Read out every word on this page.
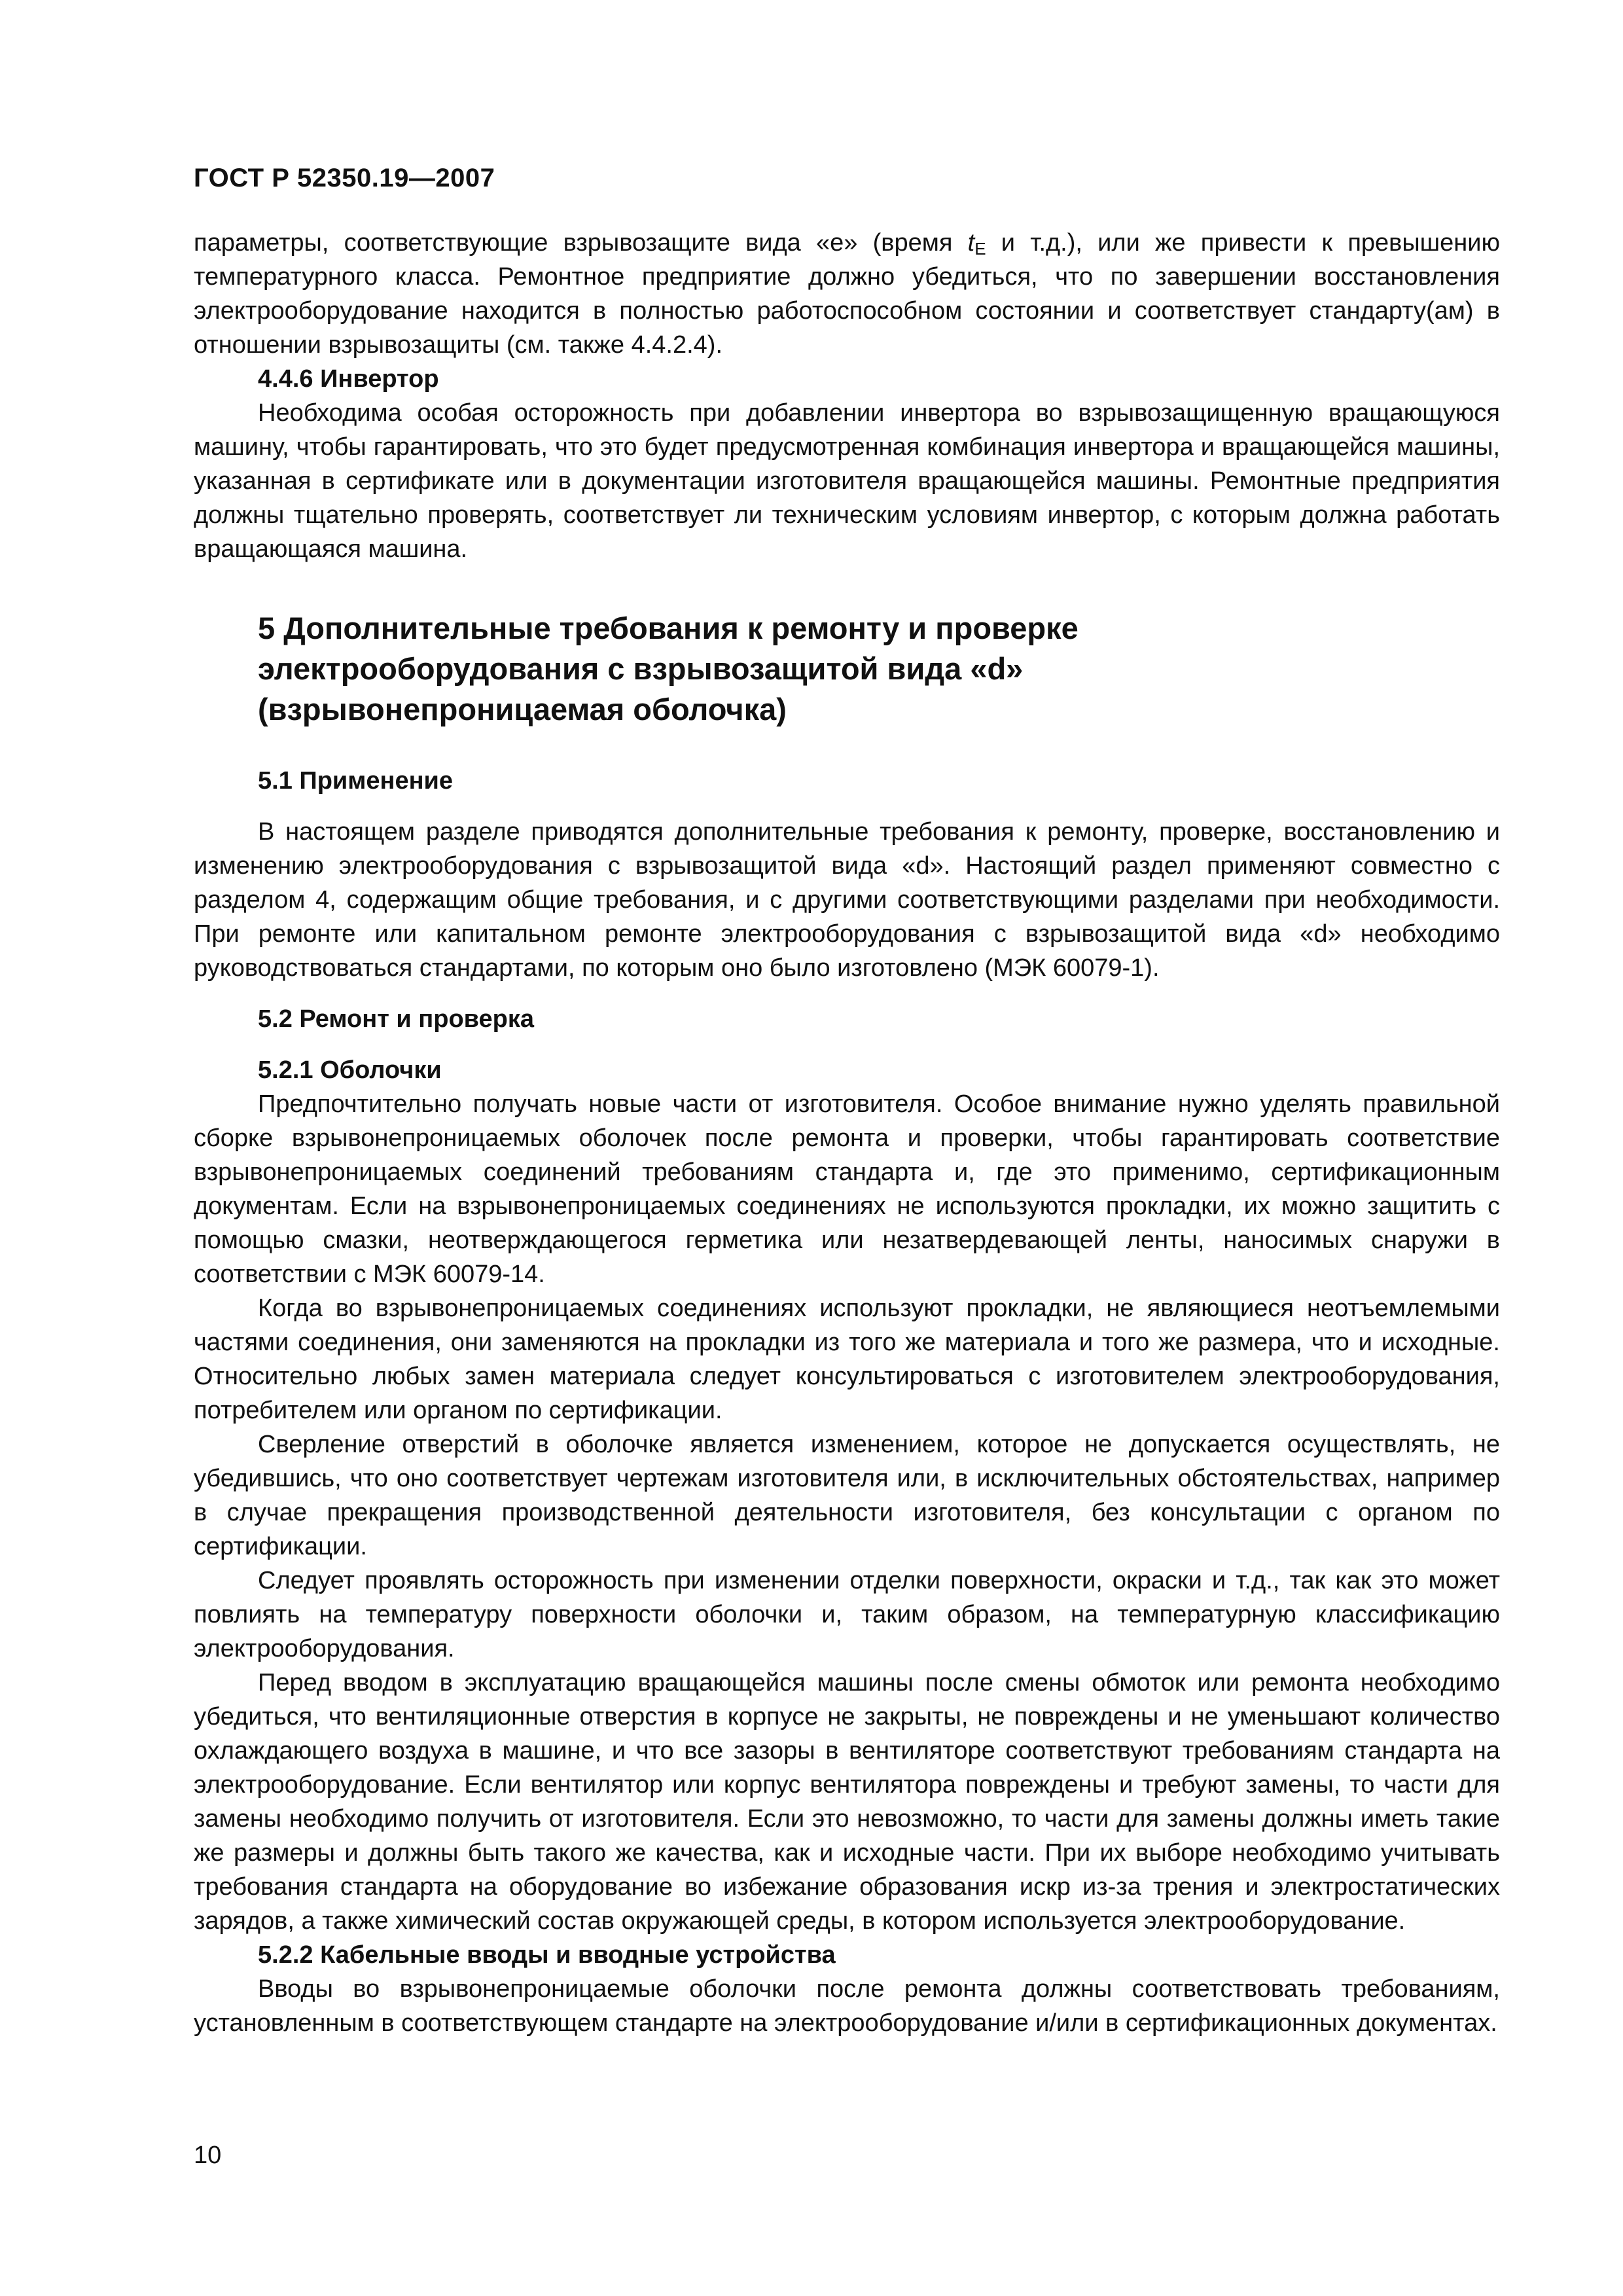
ГОСТ Р 52350.19—2007

параметры, соответствующие взрывозащите вида «е» (время $t_E$ и т.д.), или же привести к превышению температурного класса. Ремонтное предприятие должно убедиться, что по завершении восстановления электрооборудование находится в полностью работоспособном состоянии и соответствует стандарту(ам) в отношении взрывозащиты (см. также 4.4.2.4).

4.4.6 Инвертор

Необходима особая осторожность при добавлении инвертора во взрывозащищенную вращающуюся машину, чтобы гарантировать, что это будет предусмотренная комбинация инвертора и вращающейся машины, указанная в сертификате или в документации изготовителя вращающейся машины. Ремонтные предприятия должны тщательно проверять, соответствует ли техническим условиям инвертор, с которым должна работать вращающаяся машина.

5 Дополнительные требования к ремонту и проверке
электрооборудования с взрывозащитой вида «d»
(взрывонепроницаемая оболочка)
5.1 Применение

В настоящем разделе приводятся дополнительные требования к ремонту, проверке, восстановлению и изменению электрооборудования с взрывозащитой вида «d». Настоящий раздел применяют совместно с разделом 4, содержащим общие требования, и с другими соответствующими разделами при необходимости. При ремонте или капитальном ремонте электрооборудования с взрывозащитой вида «d» необходимо руководствоваться стандартами, по которым оно было изготовлено (МЭК 60079-1).

5.2 Ремонт и проверка
5.2.1 Оболочки

Предпочтительно получать новые части от изготовителя. Особое внимание нужно уделять правильной сборке взрывонепроницаемых оболочек после ремонта и проверки, чтобы гарантировать соответствие взрывонепроницаемых соединений требованиям стандарта и, где это применимо, сертификационным документам. Если на взрывонепроницаемых соединениях не используются прокладки, их можно защитить с помощью смазки, неотверждающегося герметика или незатвердевающей ленты, наносимых снаружи в соответствии с МЭК 60079-14.

Когда во взрывонепроницаемых соединениях используют прокладки, не являющиеся неотъемлемыми частями соединения, они заменяются на прокладки из того же материала и того же размера, что и исходные. Относительно любых замен материала следует консультироваться с изготовителем электрооборудования, потребителем или органом по сертификации.

Сверление отверстий в оболочке является изменением, которое не допускается осуществлять, не убедившись, что оно соответствует чертежам изготовителя или, в исключительных обстоятельствах, например в случае прекращения производственной деятельности изготовителя, без консультации с органом по сертификации.

Следует проявлять осторожность при изменении отделки поверхности, окраски и т.д., так как это может повлиять на температуру поверхности оболочки и, таким образом, на температурную классификацию электрооборудования.

Перед вводом в эксплуатацию вращающейся машины после смены обмоток или ремонта необходимо убедиться, что вентиляционные отверстия в корпусе не закрыты, не повреждены и не уменьшают количество охлаждающего воздуха в машине, и что все зазоры в вентиляторе соответствуют требованиям стандарта на электрооборудование. Если вентилятор или корпус вентилятора повреждены и требуют замены, то части для замены необходимо получить от изготовителя. Если это невозможно, то части для замены должны иметь такие же размеры и должны быть такого же качества, как и исходные части. При их выборе необходимо учитывать требования стандарта на оборудование во избежание образования искр из-за трения и электростатических зарядов, а также химический состав окружающей среды, в котором используется электрооборудование.

5.2.2 Кабельные вводы и вводные устройства

Вводы во взрывонепроницаемые оболочки после ремонта должны соответствовать требованиям, установленным в соответствующем стандарте на электрооборудование и/или в сертификационных документах.

10
